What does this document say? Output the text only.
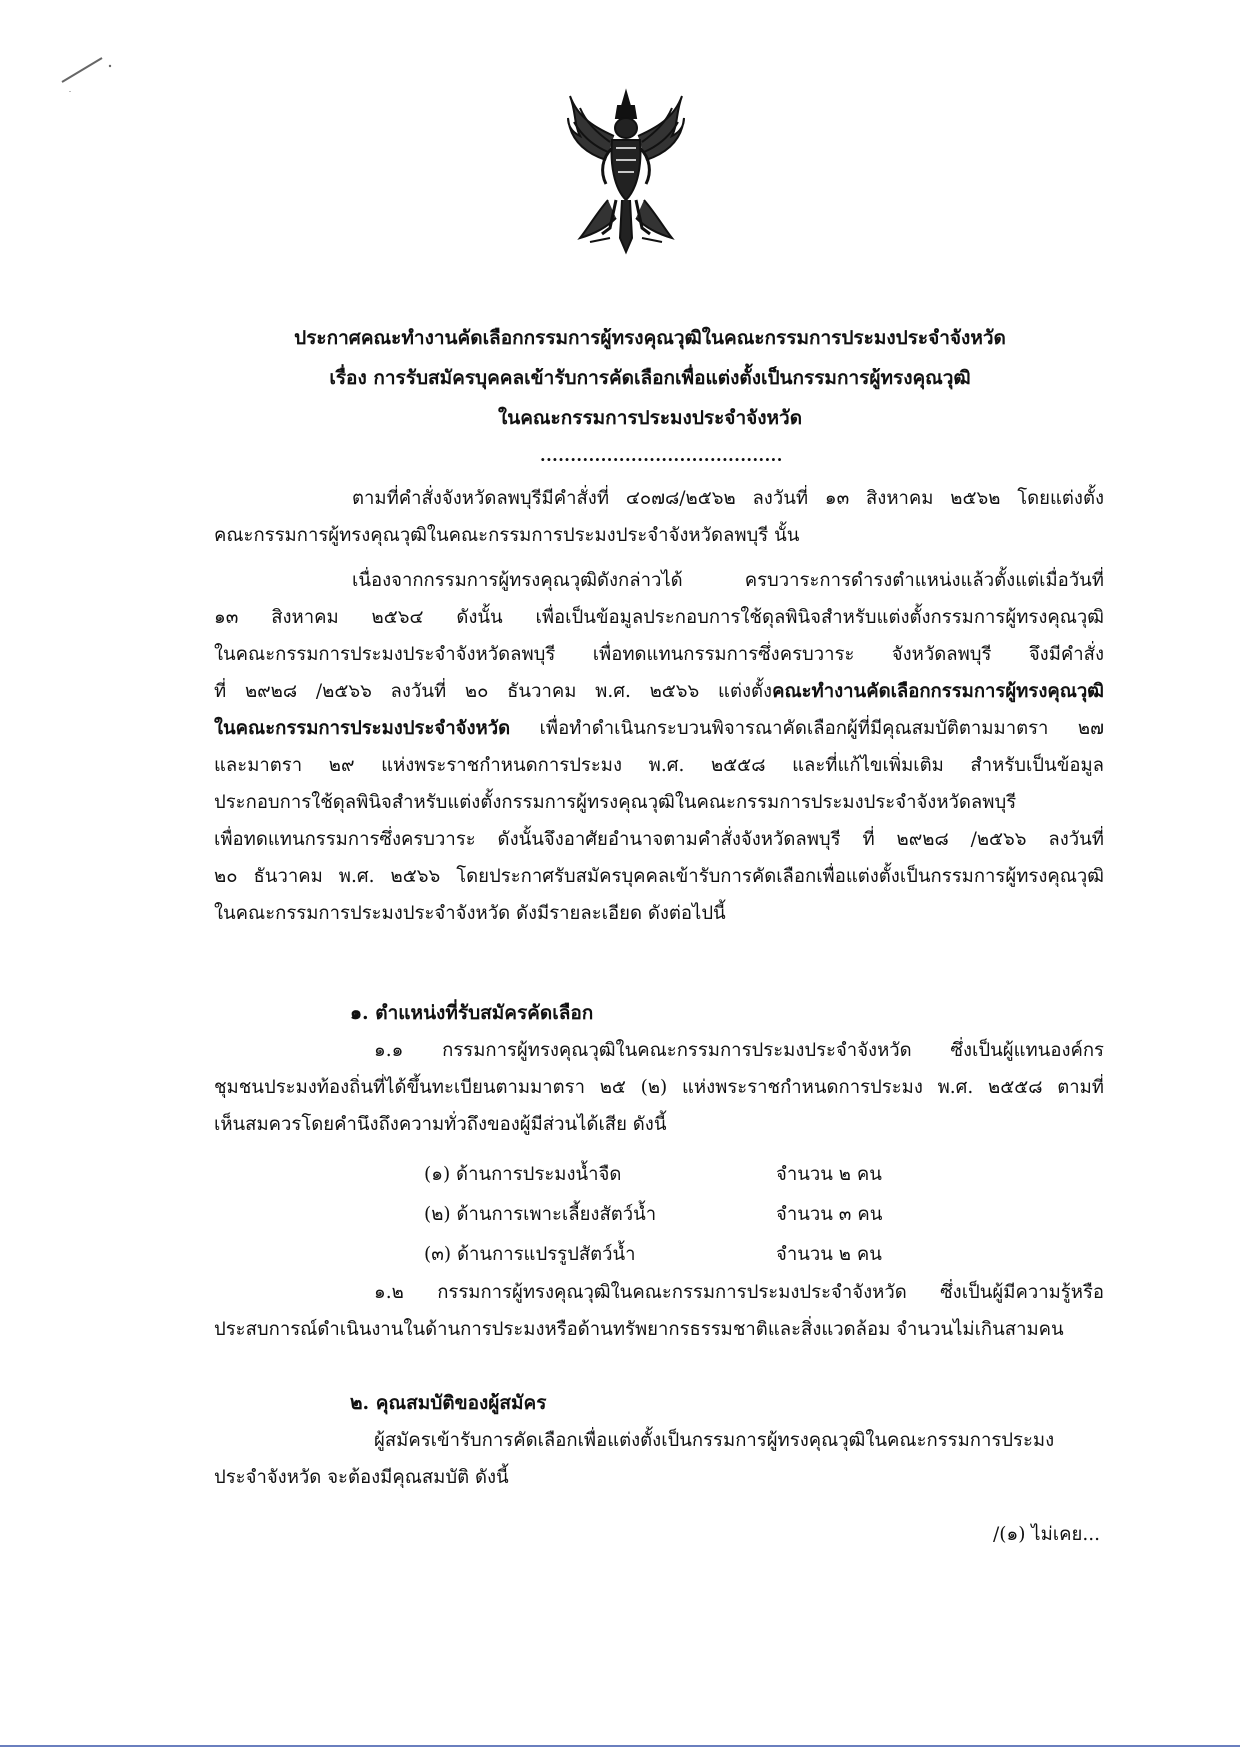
ประกาศคณะทำงานคัดเลือกกรรมการผู้ทรงคุณวุฒิในคณะกรรมการประมงประจำจังหวัด
เรื่อง การรับสมัครบุคคลเข้ารับการคัดเลือกเพื่อแต่งตั้งเป็นกรรมการผู้ทรงคุณวุฒิ
ในคณะกรรมการประมงประจำจังหวัด
........................................

ตามที่คำสั่งจังหวัดลพบุรีมีคำสั่งที่ ๔๐๗๘/๒๕๖๒ ลงวันที่ ๑๓ สิงหาคม ๒๕๖๒ โดยแต่งตั้ง

คณะกรรมการผู้ทรงคุณวุฒิในคณะกรรมการประมงประจำจังหวัดลพบุรี นั้น

เนื่องจากกรรมการผู้ทรงคุณวุฒิดังกล่าวได้ ครบวาระการดำรงตำแหน่งแล้วตั้งแต่เมื่อวันที่

๑๓ สิงหาคม ๒๕๖๔ ดังนั้น เพื่อเป็นข้อมูลประกอบการใช้ดุลพินิจสำหรับแต่งตั้งกรรมการผู้ทรงคุณวุฒิ

ในคณะกรรมการประมงประจำจังหวัดลพบุรี เพื่อทดแทนกรรมการซึ่งครบวาระ จังหวัดลพบุรี จึงมีคำสั่ง

ที่ ๒๙๒๘ /๒๕๖๖ ลงวันที่ ๒๐ ธันวาคม พ.ศ. ๒๕๖๖ แต่งตั้งคณะทำงานคัดเลือกกรรมการผู้ทรงคุณวุฒิ

ในคณะกรรมการประมงประจำจังหวัด เพื่อทำดำเนินกระบวนพิจารณาคัดเลือกผู้ที่มีคุณสมบัติตามมาตรา ๒๗

และมาตรา ๒๙ แห่งพระราชกำหนดการประมง พ.ศ. ๒๕๕๘ และที่แก้ไขเพิ่มเติม สำหรับเป็นข้อมูล

ประกอบการใช้ดุลพินิจสำหรับแต่งตั้งกรรมการผู้ทรงคุณวุฒิในคณะกรรมการประมงประจำจังหวัดลพบุรี

เพื่อทดแทนกรรมการซึ่งครบวาระ ดังนั้นจึงอาศัยอำนาจตามคำสั่งจังหวัดลพบุรี ที่ ๒๙๒๘ /๒๕๖๖ ลงวันที่

๒๐ ธันวาคม พ.ศ. ๒๕๖๖ โดยประกาศรับสมัครบุคคลเข้ารับการคัดเลือกเพื่อแต่งตั้งเป็นกรรมการผู้ทรงคุณวุฒิ

ในคณะกรรมการประมงประจำจังหวัด ดังมีรายละเอียด ดังต่อไปนี้

๑. ตำแหน่งที่รับสมัครคัดเลือก

๑.๑ กรรมการผู้ทรงคุณวุฒิในคณะกรรมการประมงประจำจังหวัด ซึ่งเป็นผู้แทนองค์กร

ชุมชนประมงท้องถิ่นที่ได้ขึ้นทะเบียนตามมาตรา ๒๕ (๒) แห่งพระราชกำหนดการประมง พ.ศ. ๒๕๕๘ ตามที่

เห็นสมควรโดยคำนึงถึงความทั่วถึงของผู้มีส่วนได้เสีย ดังนี้

(๑) ด้านการประมงน้ำจืด	จำนวน ๒ คน
(๒) ด้านการเพาะเลี้ยงสัตว์น้ำ	จำนวน ๓ คน
(๓) ด้านการแปรรูปสัตว์น้ำ	จำนวน ๒ คน

๑.๒ กรรมการผู้ทรงคุณวุฒิในคณะกรรมการประมงประจำจังหวัด ซึ่งเป็นผู้มีความรู้หรือ

ประสบการณ์ดำเนินงานในด้านการประมงหรือด้านทรัพยากรธรรมชาติและสิ่งแวดล้อม จำนวนไม่เกินสามคน

๒. คุณสมบัติของผู้สมัคร

ผู้สมัครเข้ารับการคัดเลือกเพื่อแต่งตั้งเป็นกรรมการผู้ทรงคุณวุฒิในคณะกรรมการประมง

ประจำจังหวัด จะต้องมีคุณสมบัติ ดังนี้

/(๑) ไม่เคย...
